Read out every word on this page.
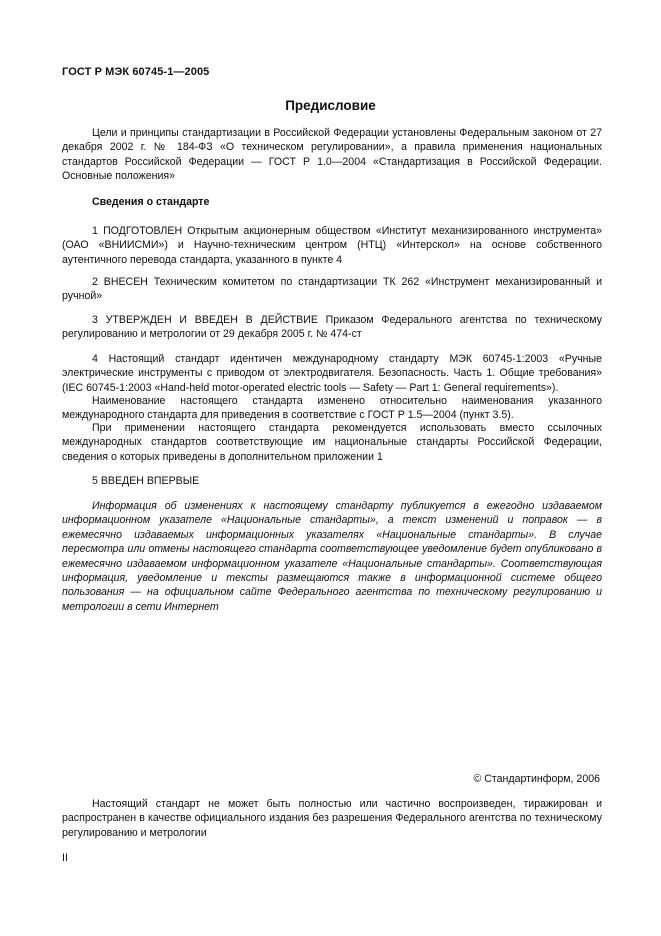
ГОСТ Р МЭК 60745-1—2005
Предисловие

Цели и принципы стандартизации в Российской Федерации установлены Федеральным законом от 27 декабря 2002 г. № 184-ФЗ «О техническом регулировании», а правила применения национальных стандартов Российской Федерации — ГОСТ Р 1.0—2004 «Стандартизация в Российской Федерации. Основные положения»

Сведения о стандарте

1 ПОДГОТОВЛЕН Открытым акционерным обществом «Институт механизированного инструмента» (ОАО «ВНИИСМИ») и Научно-техническим центром (НТЦ) «Интерскол» на основе собственного аутентичного перевода стандарта, указанного в пункте 4

2 ВНЕСЕН Техническим комитетом по стандартизации ТК 262 «Инструмент механизированный и ручной»

3 УТВЕРЖДЕН И ВВЕДЕН В ДЕЙСТВИЕ Приказом Федерального агентства по техническому регулированию и метрологии от 29 декабря 2005 г. № 474-ст

4 Настоящий стандарт идентичен международному стандарту МЭК 60745-1:2003 «Ручные электрические инструменты с приводом от электродвигателя. Безопасность. Часть 1. Общие требования» (IEC 60745-1:2003 «Hand-held motor-operated electric tools — Safety — Part 1: General requirements»).

Наименование настоящего стандарта изменено относительно наименования указанного международного стандарта для приведения в соответствие с ГОСТ Р 1.5—2004 (пункт 3.5).

При применении настоящего стандарта рекомендуется использовать вместо ссылочных международных стандартов соответствующие им национальные стандарты Российской Федерации, сведения о которых приведены в дополнительном приложении 1

5 ВВЕДЕН ВПЕРВЫЕ

Информация об изменениях к настоящему стандарту публикуется в ежегодно издаваемом информационном указателе «Национальные стандарты», а текст изменений и поправок — в ежемесячно издаваемых информационных указателях «Национальные стандарты». В случае пересмотра или отмены настоящего стандарта соответствующее уведомление будет опубликовано в ежемесячно издаваемом информационном указателе «Национальные стандарты». Соответствующая информация, уведомление и тексты размещаются также в информационной системе общего пользования — на официальном сайте Федерального агентства по техническому регулированию и метрологии в сети Интернет

© Стандартинформ, 2006

Настоящий стандарт не может быть полностью или частично воспроизведен, тиражирован и распространен в качестве официального издания без разрешения Федерального агентства по техническому регулированию и метрологии

II
